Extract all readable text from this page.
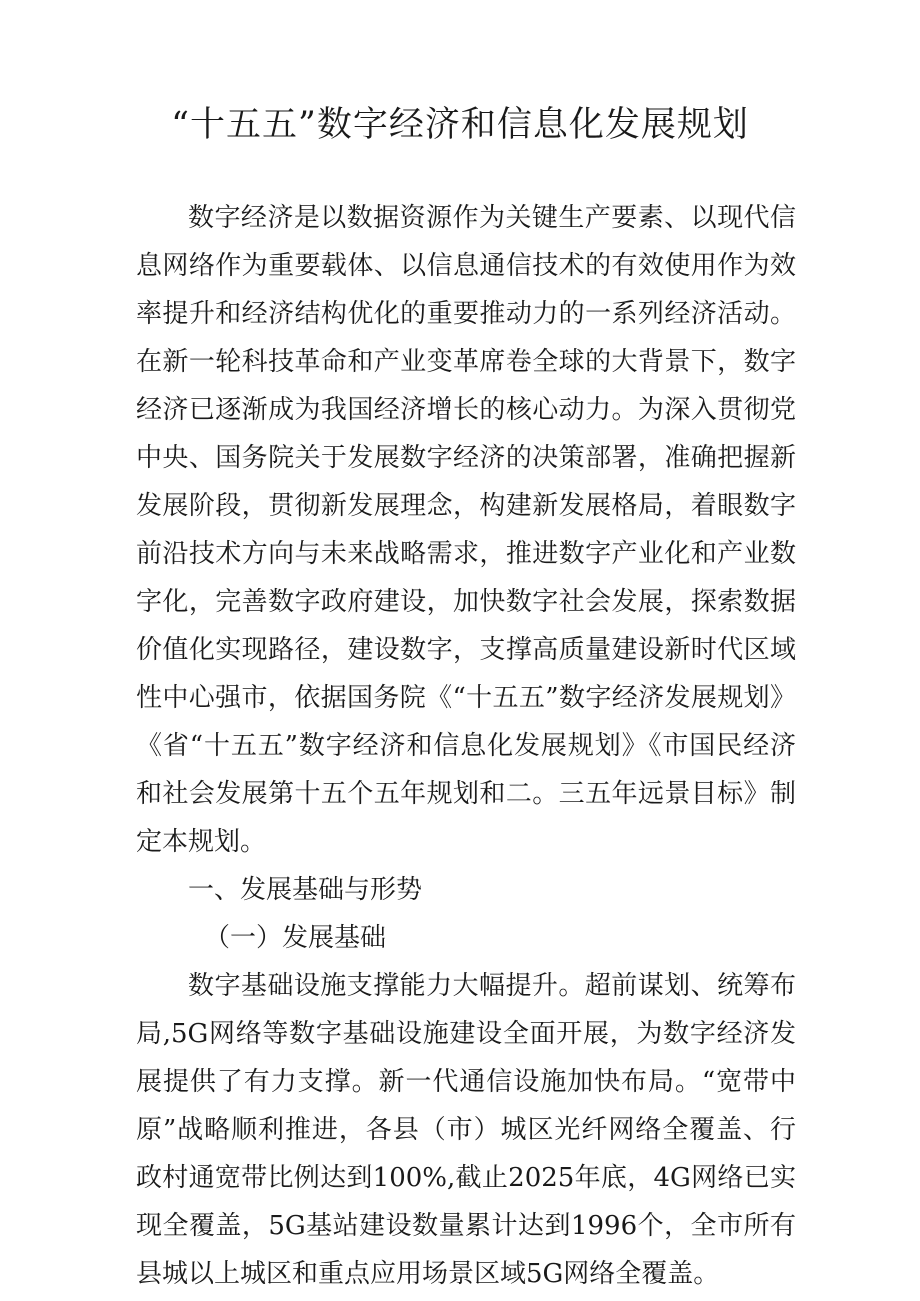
“十五五”数字经济和信息化发展规划

数字经济是以数据资源作为关键生产要素、以现代信息网络作为重要载体、以信息通信技术的有效使用作为效率提升和经济结构优化的重要推动力的一系列经济活动。在新一轮科技革命和产业变革席卷全球的大背景下，数字经济已逐渐成为我国经济增长的核心动力。为深入贯彻党中央、国务院关于发展数字经济的决策部署，准确把握新发展阶段，贯彻新发展理念，构建新发展格局，着眼数字前沿技术方向与未来战略需求，推进数字产业化和产业数字化，完善数字政府建设，加快数字社会发展，探索数据价值化实现路径，建设数字，支撑高质量建设新时代区域性中心强市，依据国务院《“十五五”数字经济发展规划》《省“十五五”数字经济和信息化发展规划》《市国民经济和社会发展第十五个五年规划和二。三五年远景目标》制定本规划。

一、发展基础与形势

（一）发展基础

数字基础设施支撑能力大幅提升。超前谋划、统筹布局,5G网络等数字基础设施建设全面开展，为数字经济发展提供了有力支撑。新一代通信设施加快布局。“宽带中原”战略顺利推进，各县（市）城区光纤网络全覆盖、行政村通宽带比例达到100%,截止2025年底，4G网络已实现全覆盖，5G基站建设数量累计达到1996个，全市所有县城以上城区和重点应用场景区域5G网络全覆盖。
